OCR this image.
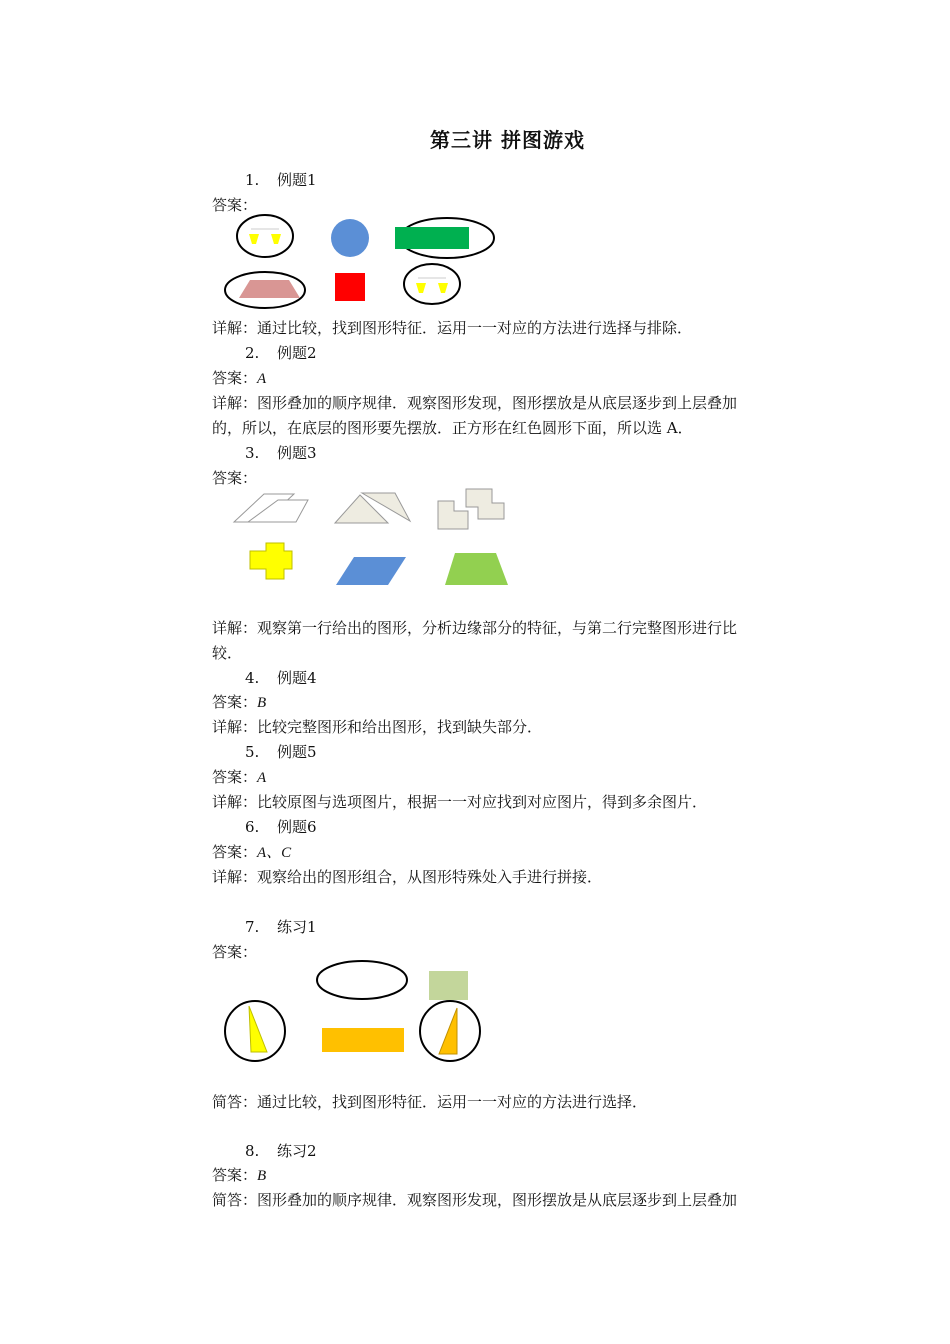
第三讲 拼图游戏
1. 例题1
答案：
详解：通过比较，找到图形特征．运用一一对应的方法进行选择与排除．
2. 例题2
答案：A
详解：图形叠加的顺序规律．观察图形发现，图形摆放是从底层逐步到上层叠加
的，所以，在底层的图形要先摆放．正方形在红色圆形下面，所以选 A．
3. 例题3
答案：
详解：观察第一行给出的图形，分析边缘部分的特征，与第二行完整图形进行比
较．
4. 例题4
答案：B
详解：比较完整图形和给出图形，找到缺失部分．
5. 例题5
答案：A
详解：比较原图与选项图片，根据一一对应找到对应图片，得到多余图片．
6. 例题6
答案：A、C
详解：观察给出的图形组合，从图形特殊处入手进行拼接．
7. 练习1
答案：
简答：通过比较，找到图形特征．运用一一对应的方法进行选择．
8. 练习2
答案：B
简答：图形叠加的顺序规律．观察图形发现，图形摆放是从底层逐步到上层叠加
